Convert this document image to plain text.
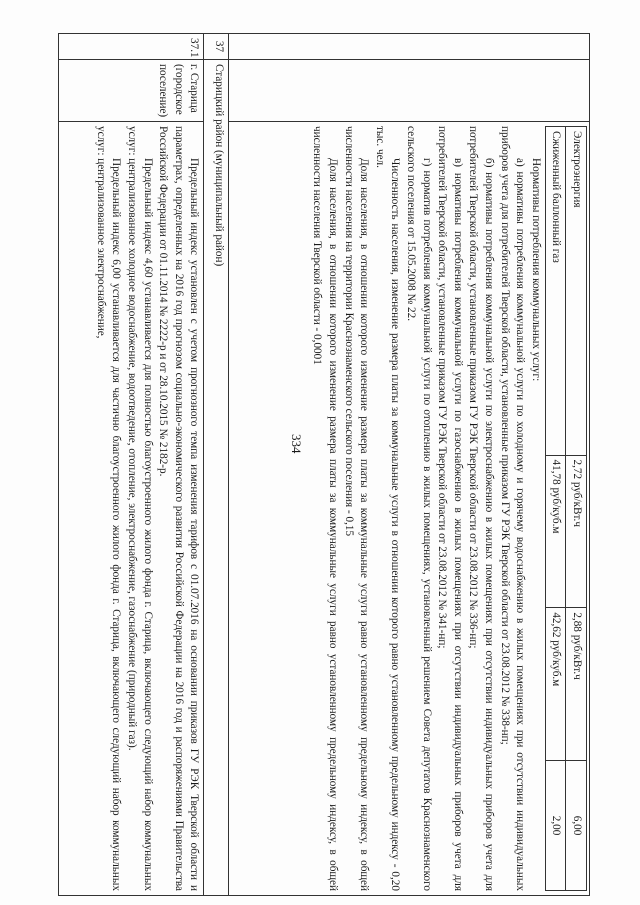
334

Электроэнергия	2,72 руб/кВт.ч	2,88 руб/кВт.ч	6,00
Сжиженный баллонный газ	41,78 руб/куб.м	42,62 руб/куб.м	2,00

Нормативы потребления коммунальных услуг:

а) нормативы потребления коммунальной услуги по холодному и горячему водоснабжению в жилых помещениях при отсутствии индивидуальных приборов учета для потребителей Тверской области, установленные приказом ГУ РЭК Тверской области от 23.08.2012 № 338-нп;

б) нормативы потребления коммунальной услуги по электроснабжению в жилых помещениях при отсутствии индивидуальных приборов учета для потребителей Тверской области, установленные приказом ГУ РЭК Тверской области от 23.08.2012 № 336-нп;

в) нормативы потребления коммунальной услуги по газоснабжению в жилых помещениях при отсутствии индивидуальных приборов учета для потребителей Тверской области, установленные приказом ГУ РЭК Тверской области от 23.08.2012 № 341-нп;

г) норматив потребления коммунальной услуги по отоплению в жилых помещениях, установленный решением Совета депутатов Краснознаменского сельского поселения от 15.05.2008 № 22.

Численность населения, изменение размера платы за коммунальные услуги в отношении которого равно установленному предельному индексу - 0,20 тыс. чел.

Доля населения, в отношении которого изменение размера платы за коммунальные услуги равно установленному предельному индексу, в общей численности населения на территории Краснознаменского сельского поселения - 0,15

Доля населения, в отношении которого изменение размера платы за коммунальные услуги равно установленному предельному индексу, в общей численности населения Тверской области - 0,0001

37	Старицкий район (муниципальный район)
37.1	г. Старица (городское поселение)	

Предельный индекс установлен с учетом прогнозного темпа изменения тарифов с 01.07.2016 на основании приказов ГУ РЭК Тверской области и параметрах, определенных на 2016 год прогнозом социально-экономического развития Российской Федерации на 2016 год и распоряжениями Правительства Российской Федерации от 01.11.2014 № 2222-р и от 28.10.2015 № 2182-р.

Предельный индекс 4,60 устанавливается для полностью благоустроенного жилого фонда г. Старица, включающего следующий набор коммунальных услуг: централизованное холодное водоснабжение, водоотведение, отопление, электроснабжение, газоснабжение (природный газ).

Предельный индекс 6,00 устанавливается для частично благоустроенного жилого фонда г. Старица, включающего следующий набор коммунальных услуг: централизованное электроснабжение,
